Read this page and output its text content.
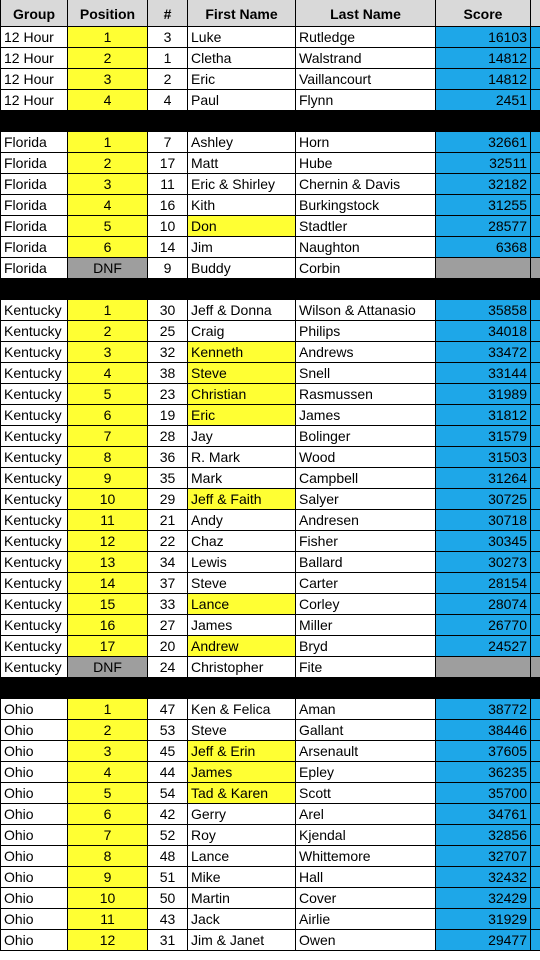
Group	Position	#	First Name	Last Name	Score	
12 Hour	1	3	Luke	Rutledge	16103	
12 Hour	2	1	Cletha	Walstrand	14812	
12 Hour	3	2	Eric	Vaillancourt	14812	
12 Hour	4	4	Paul	Flynn	2451	

Florida	1	7	Ashley	Horn	32661	
Florida	2	17	Matt	Hube	32511	
Florida	3	11	Eric & Shirley	Chernin & Davis	32182	
Florida	4	16	Kith	Burkingstock	31255	
Florida	5	10	Don	Stadtler	28577	
Florida	6	14	Jim	Naughton	6368	
Florida	DNF	9	Buddy	Corbin		

Kentucky	1	30	Jeff & Donna	Wilson & Attanasio	35858	
Kentucky	2	25	Craig	Philips	34018	
Kentucky	3	32	Kenneth	Andrews	33472	
Kentucky	4	38	Steve	Snell	33144	
Kentucky	5	23	Christian	Rasmussen	31989	
Kentucky	6	19	Eric	James	31812	
Kentucky	7	28	Jay	Bolinger	31579	
Kentucky	8	36	R. Mark	Wood	31503	
Kentucky	9	35	Mark	Campbell	31264	
Kentucky	10	29	Jeff & Faith	Salyer	30725	
Kentucky	11	21	Andy	Andresen	30718	
Kentucky	12	22	Chaz	Fisher	30345	
Kentucky	13	34	Lewis	Ballard	30273	
Kentucky	14	37	Steve	Carter	28154	
Kentucky	15	33	Lance	Corley	28074	
Kentucky	16	27	James	Miller	26770	
Kentucky	17	20	Andrew	Bryd	24527	
Kentucky	DNF	24	Christopher	Fite		

Ohio	1	47	Ken & Felica	Aman	38772	
Ohio	2	53	Steve	Gallant	38446	
Ohio	3	45	Jeff & Erin	Arsenault	37605	
Ohio	4	44	James	Epley	36235	
Ohio	5	54	Tad & Karen	Scott	35700	
Ohio	6	42	Gerry	Arel	34761	
Ohio	7	52	Roy	Kjendal	32856	
Ohio	8	48	Lance	Whittemore	32707	
Ohio	9	51	Mike	Hall	32432	
Ohio	10	50	Martin	Cover	32429	
Ohio	11	43	Jack	Airlie	31929	
Ohio	12	31	Jim & Janet	Owen	29477	
